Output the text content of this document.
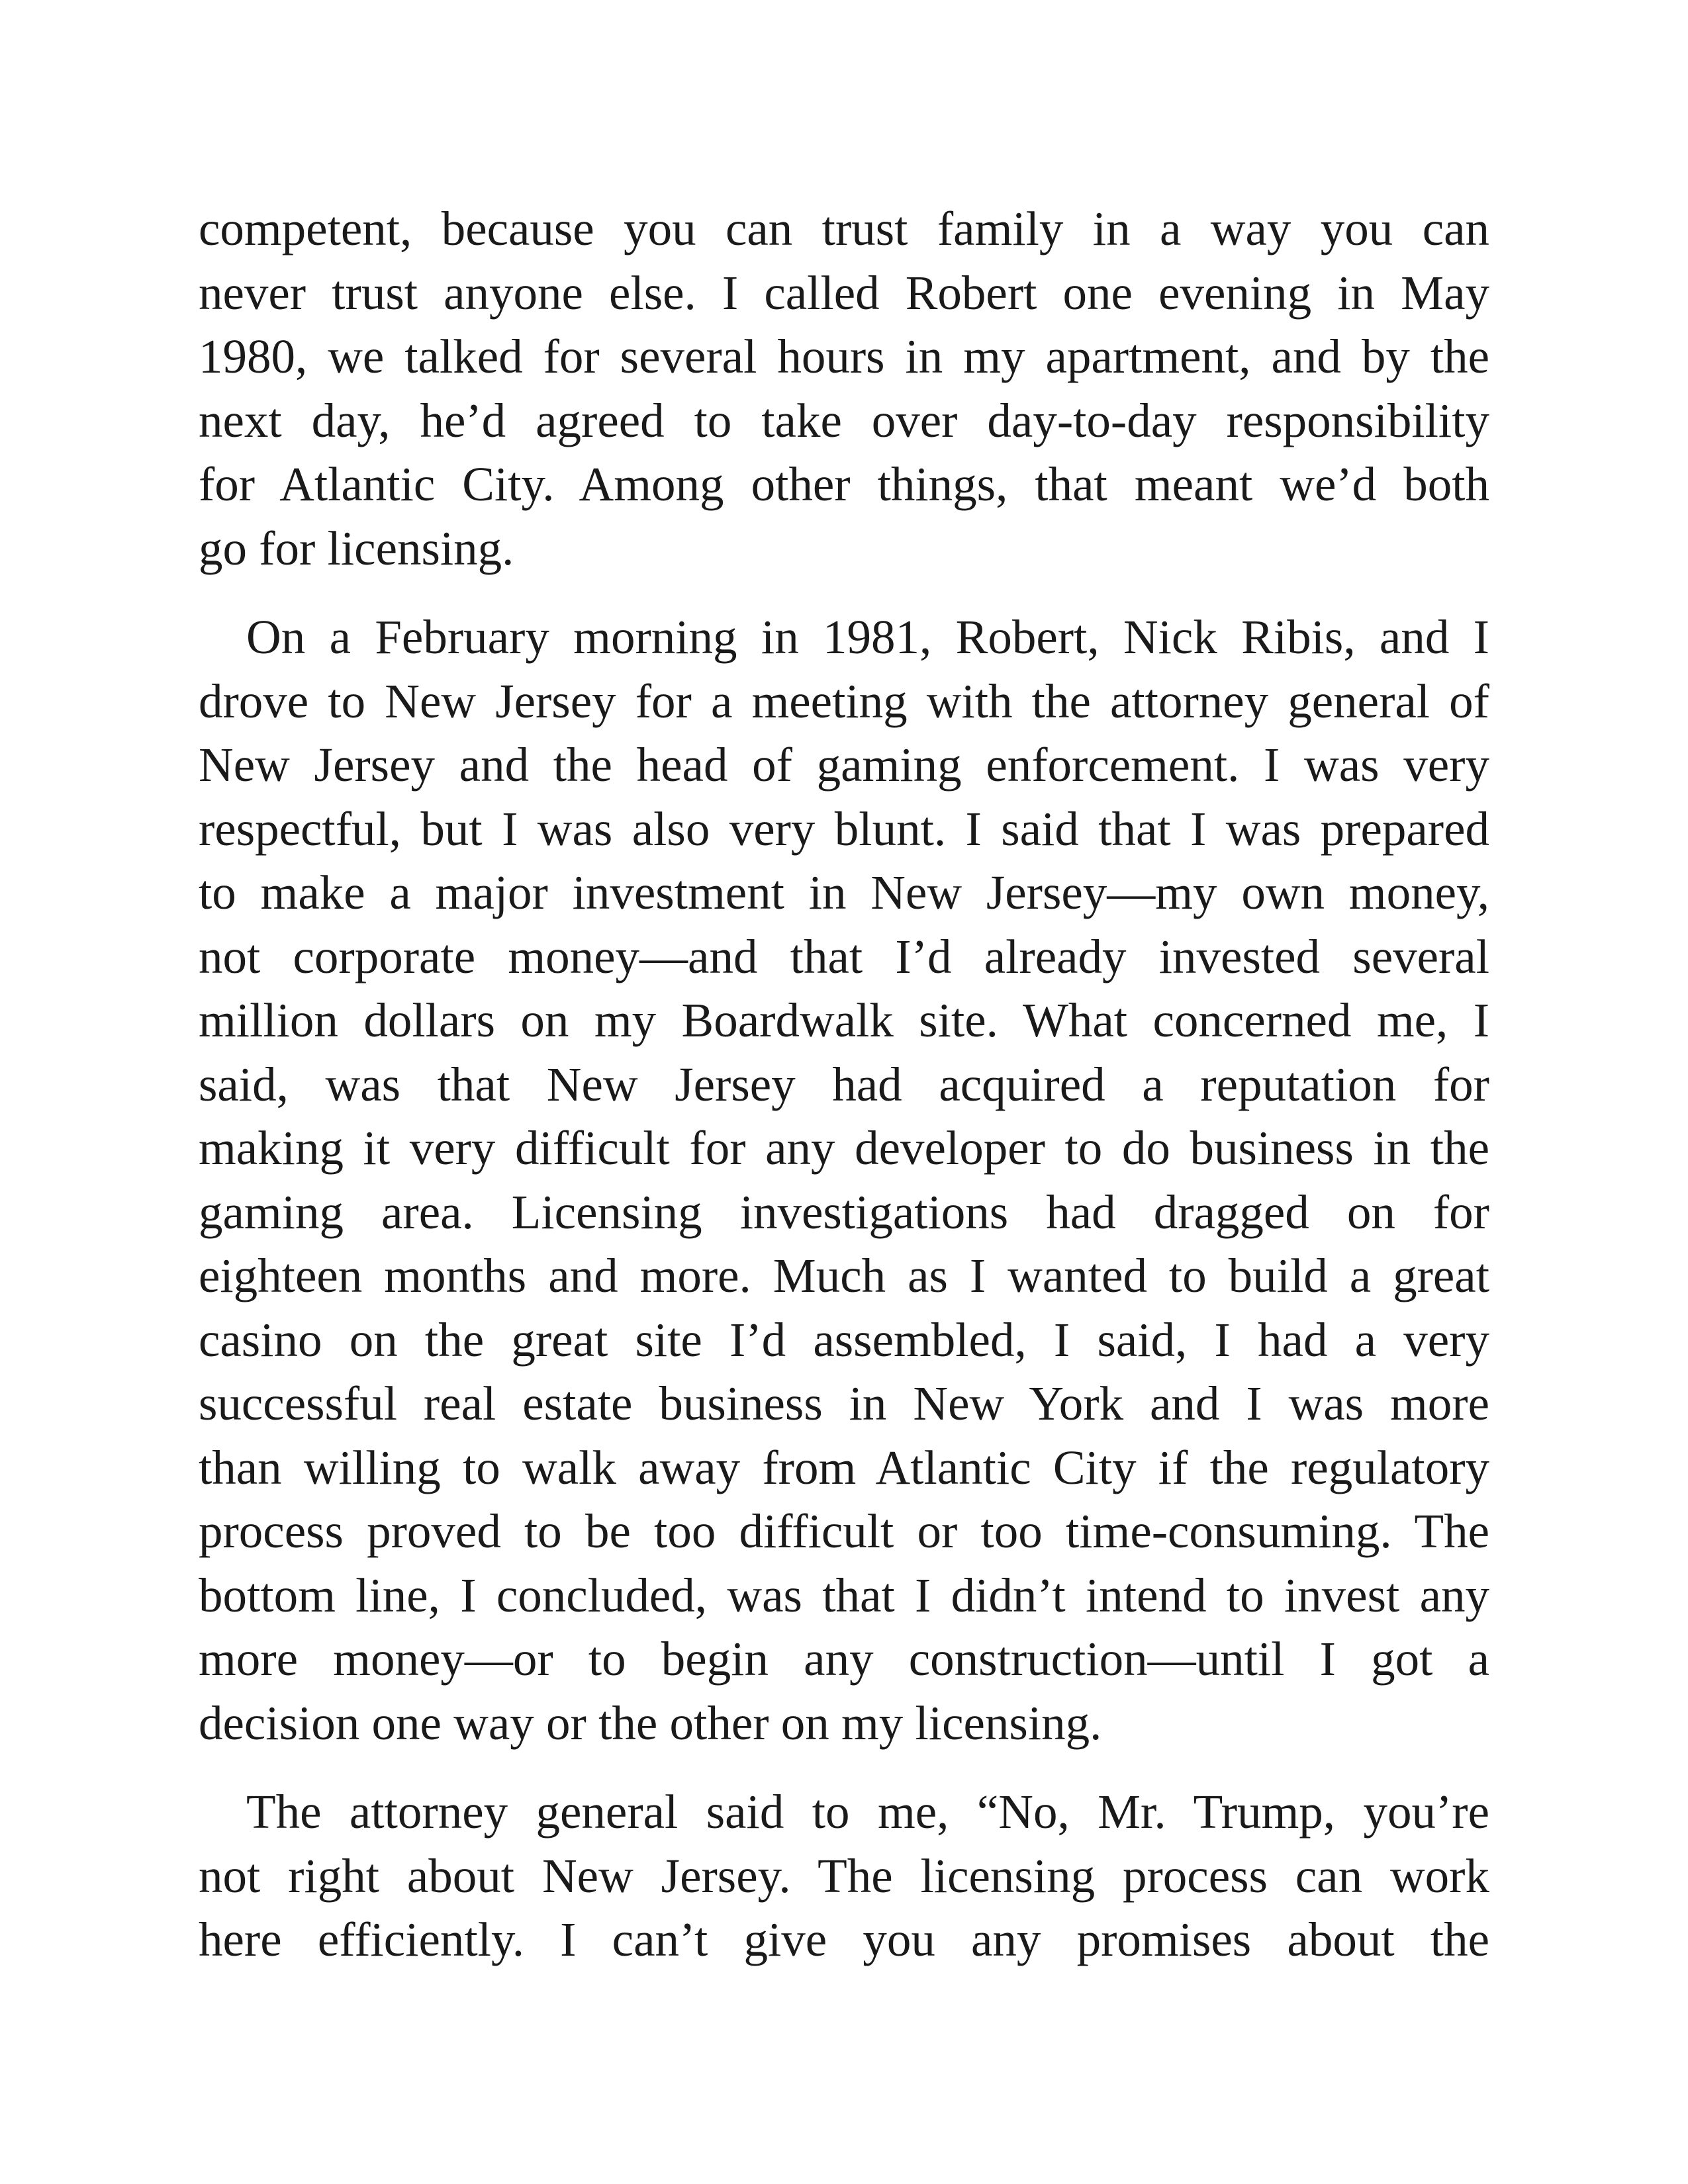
competent, because you can trust family in a way you can
never trust anyone else. I called Robert one evening in May
1980, we talked for several hours in my apartment, and by the
next day, he’d agreed to take over day-to-day responsibility
for Atlantic City. Among other things, that meant we’d both
go for licensing.
On a February morning in 1981, Robert, Nick Ribis, and I
drove to New Jersey for a meeting with the attorney general of
New Jersey and the head of gaming enforcement. I was very
respectful, but I was also very blunt. I said that I was prepared
to make a major investment in New Jersey—my own money,
not corporate money—and that I’d already invested several
million dollars on my Boardwalk site. What concerned me, I
said, was that New Jersey had acquired a reputation for
making it very difficult for any developer to do business in the
gaming area. Licensing investigations had dragged on for
eighteen months and more. Much as I wanted to build a great
casino on the great site I’d assembled, I said, I had a very
successful real estate business in New York and I was more
than willing to walk away from Atlantic City if the regulatory
process proved to be too difficult or too time-consuming. The
bottom line, I concluded, was that I didn’t intend to invest any
more money—or to begin any construction—until I got a
decision one way or the other on my licensing.
The attorney general said to me, “No, Mr. Trump, you’re
not right about New Jersey. The licensing process can work
here efficiently. I can’t give you any promises about the
